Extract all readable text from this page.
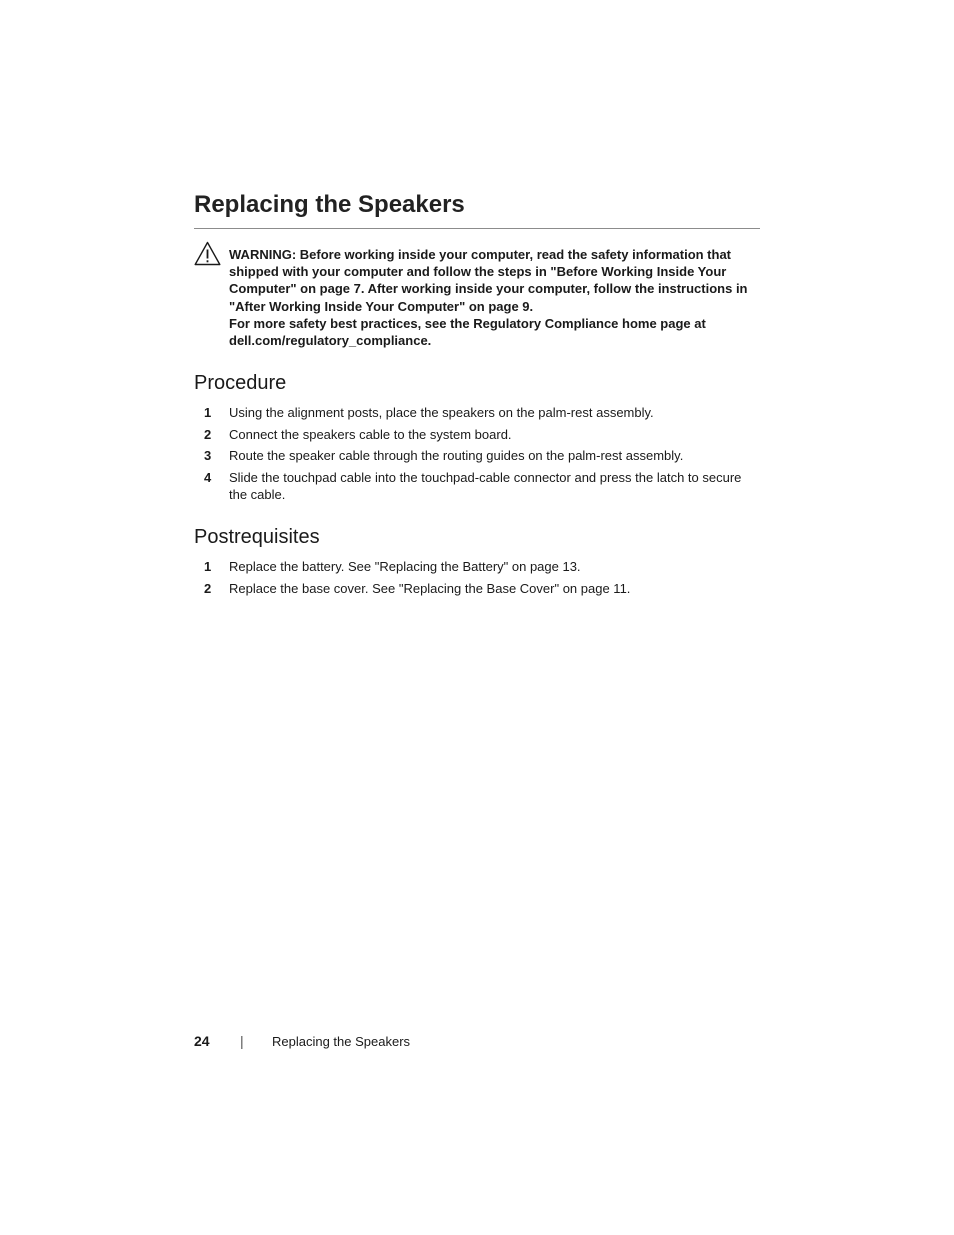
Replacing the Speakers

WARNING: Before working inside your computer, read the safety information that shipped with your computer and follow the steps in "Before Working Inside Your Computer" on page 7. After working inside your computer, follow the instructions in "After Working Inside Your Computer" on page 9.

For more safety best practices, see the Regulatory Compliance home page at dell.com/regulatory_compliance.

Procedure
1 Using the alignment posts, place the speakers on the palm-rest assembly.
2 Connect the speakers cable to the system board.
3 Route the speaker cable through the routing guides on the palm-rest assembly.
4 Slide the touchpad cable into the touchpad-cable connector and press the latch to secure the cable.
Postrequisites
1 Replace the battery. See "Replacing the Battery" on page 13.
2 Replace the base cover. See "Replacing the Base Cover" on page 11.
24 | Replacing the Speakers
